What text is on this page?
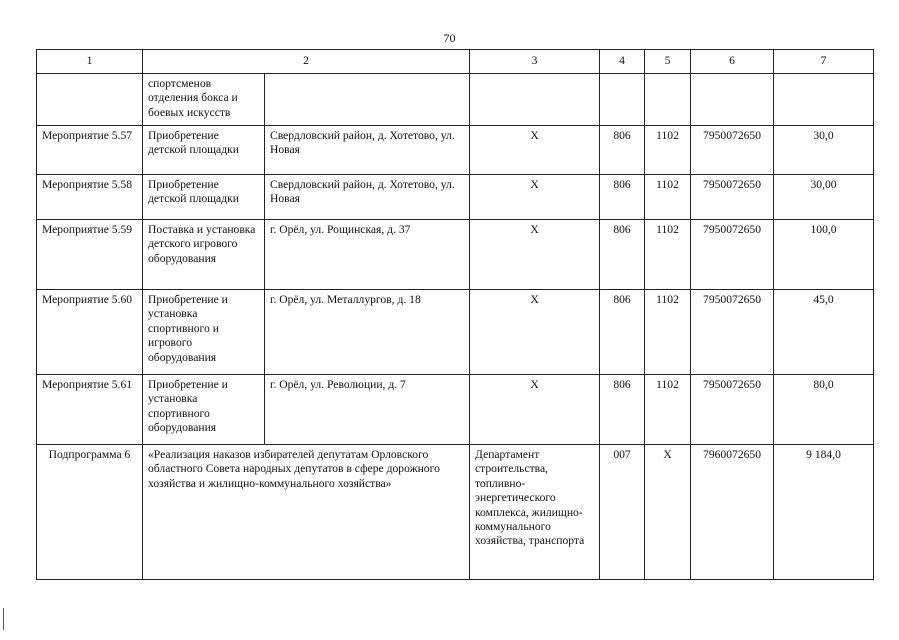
70
1	2		3	4	5	6	7
	спортсменов отделения бокса и боевых искусств						
Мероприятие 5.57	Приобретение детской площадки	Свердловский район, д. Хотетово, ул. Новая	Х	806	1102	7950072650	30,0
Мероприятие 5.58	Приобретение детской площадки	Свердловский район, д. Хотетово, ул. Новая	Х	806	1102	7950072650	30,00
Мероприятие 5.59	Поставка и установка детского игрового оборудования	г. Орёл, ул. Рощинская, д. 37	Х	806	1102	7950072650	100,0
Мероприятие 5.60	Приобретение и установка спортивного и игрового оборудования	г. Орёл, ул. Металлургов, д. 18	Х	806	1102	7950072650	45,0
Мероприятие 5.61	Приобретение и установка спортивного оборудования	г. Орёл, ул. Революции, д. 7	Х	806	1102	7950072650	80,0
Подпрограмма 6	«Реализация наказов избирателей депутатам Орловского областного Совета народных депутатов в сфере дорожного хозяйства и жилищно-коммунального хозяйства»		Департамент строительства, топливно-энергетического комплекса, жилищно-коммунального хозяйства, транспорта	007	Х	7960072650	9 184,0
